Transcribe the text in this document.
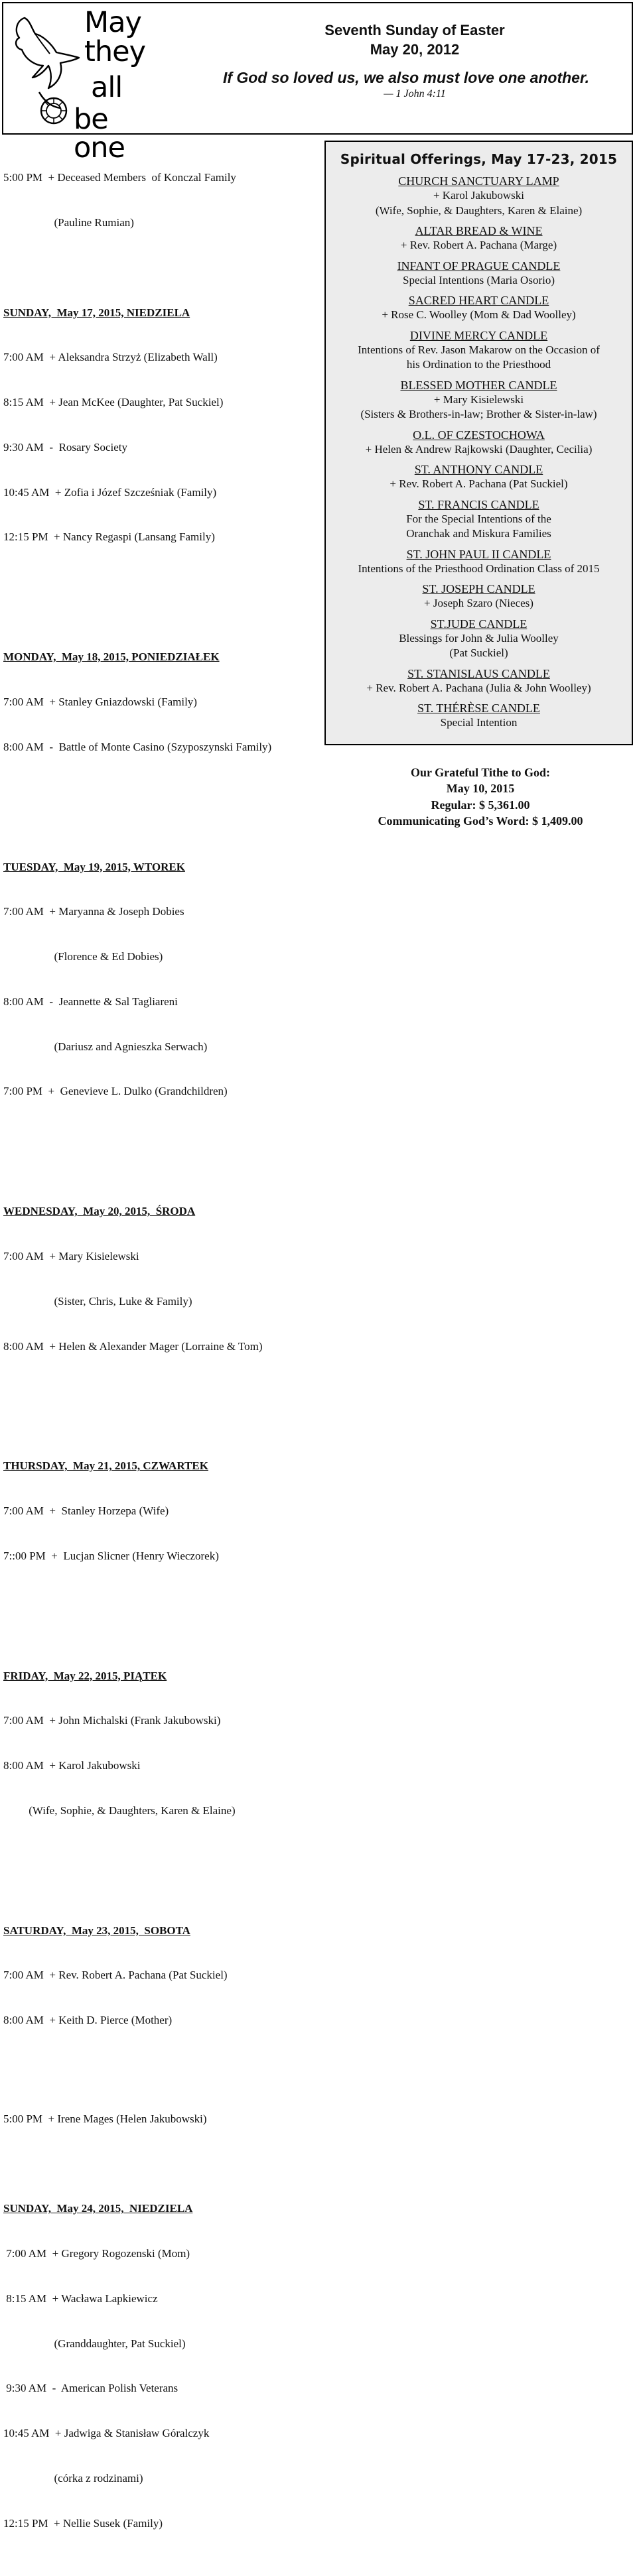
May
they
all
be one
Seventh Sunday of Easter
May 20, 2012
If God so loved us, we also must love one another.
— 1 John 4:11

5:00 PM  + Deceased Members  of Konczal Family

(Pauline Rumian)

SUNDAY,  May 17, 2015, NIEDZIELA

7:00 AM  + Aleksandra Strzyż (Elizabeth Wall)

8:15 AM  + Jean McKee (Daughter, Pat Suckiel)

9:30 AM  -  Rosary Society

10:45 AM  + Zofia i Józef Szcześniak (Family)

12:15 PM  + Nancy Regaspi (Lansang Family)

MONDAY,  May 18, 2015, PONIEDZIAŁEK

7:00 AM  + Stanley Gniazdowski (Family)

8:00 AM  -  Battle of Monte Casino (Szyposzynski Family)

TUESDAY,  May 19, 2015, WTOREK

7:00 AM  + Maryanna & Joseph Dobies

(Florence & Ed Dobies)

8:00 AM  -  Jeannette & Sal Tagliareni

(Dariusz and Agnieszka Serwach)

7:00 PM  +  Genevieve L. Dulko (Grandchildren)

WEDNESDAY,  May 20, 2015,  ŚRODA

7:00 AM  + Mary Kisielewski

(Sister, Chris, Luke & Family)

8:00 AM  + Helen & Alexander Mager (Lorraine & Tom)

THURSDAY,  May 21, 2015, CZWARTEK

7:00 AM  +  Stanley Horzepa (Wife)

7::00 PM  +  Lucjan Slicner (Henry Wieczorek)

FRIDAY,  May 22, 2015, PIĄTEK

7:00 AM  + John Michalski (Frank Jakubowski)

8:00 AM  + Karol Jakubowski

(Wife, Sophie, & Daughters, Karen & Elaine)

SATURDAY,  May 23, 2015,  SOBOTA

7:00 AM  + Rev. Robert A. Pachana (Pat Suckiel)

8:00 AM  + Keith D. Pierce (Mother)

5:00 PM  + Irene Mages (Helen Jakubowski)

SUNDAY,  May 24, 2015,  NIEDZIELA

7:00 AM  + Gregory Rogozenski (Mom)

8:15 AM  + Wacława Lapkiewicz

(Granddaughter, Pat Suckiel)

9:30 AM  -  American Polish Veterans

10:45 AM  + Jadwiga & Stanisław Góralczyk

(córka z rodzinami)

12:15 PM  + Nellie Susek (Family)

Spiritual Offerings, May 17-23, 2015
CHURCH SANCTUARY LAMP
+ Karol Jakubowski
(Wife, Sophie, & Daughters, Karen & Elaine)
ALTAR BREAD & WINE
+ Rev. Robert A. Pachana (Marge)
INFANT OF PRAGUE CANDLE
Special Intentions (Maria Osorio)
SACRED HEART CANDLE
+ Rose C. Woolley (Mom & Dad Woolley)
DIVINE MERCY CANDLE
Intentions of Rev. Jason Makarow on the Occasion of
his Ordination to the Priesthood
BLESSED MOTHER CANDLE
+ Mary Kisielewski
(Sisters & Brothers-in-law; Brother & Sister-in-law)
O.L. OF CZESTOCHOWA
+ Helen & Andrew Rajkowski (Daughter, Cecilia)
ST. ANTHONY CANDLE
+ Rev. Robert A. Pachana (Pat Suckiel)
ST. FRANCIS CANDLE
For the Special Intentions of the
Oranchak and Miskura Families
ST. JOHN PAUL II CANDLE
Intentions of the Priesthood Ordination Class of 2015
ST. JOSEPH CANDLE
+ Joseph Szaro (Nieces)
ST.JUDE CANDLE
Blessings for John & Julia Woolley
(Pat Suckiel)
ST. STANISLAUS CANDLE
+ Rev. Robert A. Pachana (Julia & John Woolley)
ST. THÉRÈSE CANDLE
Special Intention
Our Grateful Tithe to God:
May 10, 2015
Regular: $ 5,361.00
Communicating God’s Word: $ 1,409.00
